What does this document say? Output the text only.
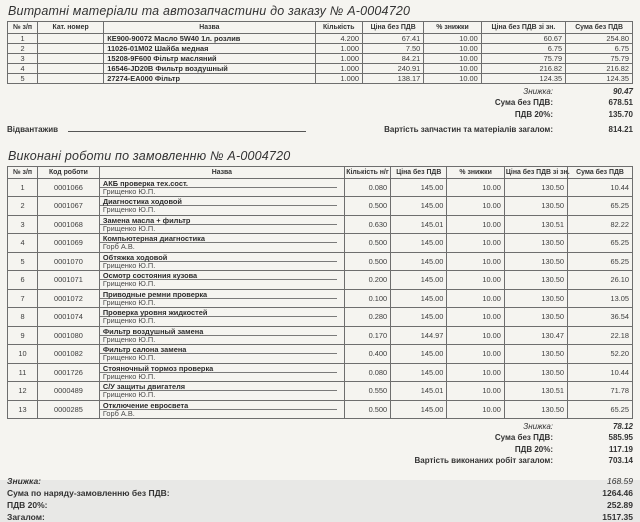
Витратні матеріали та автозапчастини до заказу № А-0004720
№ з/п	Кат. номер	Назва	Кількість	Ціна без ПДВ	% знижки	Ціна без ПДВ зі зн.	Сума без ПДВ
1		КЕ900-90072 Масло 5W40 1л. розлив	4.200	67.41	10.00	60.67	254.80
2		11026-01М02 Шайба медная	1.000	7.50	10.00	6.75	6.75
3		15208-9F600 Фільтр масляний	1.000	84.21	10.00	75.79	75.79
4		16546-JD20B Фильтр воздушный	1.000	240.91	10.00	216.82	216.82
5		27274-EA000 Фільтр	1.000	138.17	10.00	124.35	124.35
Знижка:	90.47
Сума без ПДВ:	678.51
ПДВ 20%:	135.70
Відвантажив	Вартість запчастин та матеріалів загалом:	814.21
Виконані роботи по замовленню № А-0004720
№ з/п	Код роботи	Назва	Кількість н/г	Ціна без ПДВ	% знижки	Ціна без ПДВ зі зн.	Сума без ПДВ
1	0001066	АКБ проверка тех.сост.
Грищенко Ю.П.	0.080	145.00	10.00	130.50	10.44
2	0001067	Диагностика ходовой
Грищенко Ю.П.	0.500	145.00	10.00	130.50	65.25
3	0001068	Замена масла + фильтр
Грищенко Ю.П.	0.630	145.01	10.00	130.51	82.22
4	0001069	Компьютерная диагностика
Горб А.В.	0.500	145.00	10.00	130.50	65.25
5	0001070	Обтяжка ходовой
Грищенко Ю.П.	0.500	145.00	10.00	130.50	65.25
6	0001071	Осмотр состояния кузова
Грищенко Ю.П.	0.200	145.00	10.00	130.50	26.10
7	0001072	Приводные ремни проверка
Грищенко Ю.П.	0.100	145.00	10.00	130.50	13.05
8	0001074	Проверка уровня жидкостей
Грищенко Ю.П.	0.280	145.00	10.00	130.50	36.54
9	0001080	Фильтр воздушный замена
Грищенко Ю.П.	0.170	144.97	10.00	130.47	22.18
10	0001082	Фильтр салона замена
Грищенко Ю.П.	0.400	145.00	10.00	130.50	52.20
11	0001726	Стояночный тормоз проверка
Грищенко Ю.П.	0.080	145.00	10.00	130.50	10.44
12	0000489	С/У защиты двигателя
Грищенко Ю.П.	0.550	145.01	10.00	130.51	71.78
13	0000285	Отключение евросвета
Горб А.В.	0.500	145.00	10.00	130.50	65.25
Знижка:	78.12
Сума без ПДВ:	585.95
ПДВ 20%:	117.19
Вартість виконаних робіт загалом:	703.14
Знижка:	168.59
Сума по наряду-замовленню без ПДВ:	1264.46
ПДВ 20%:	252.89
Загалом:	1517.35
